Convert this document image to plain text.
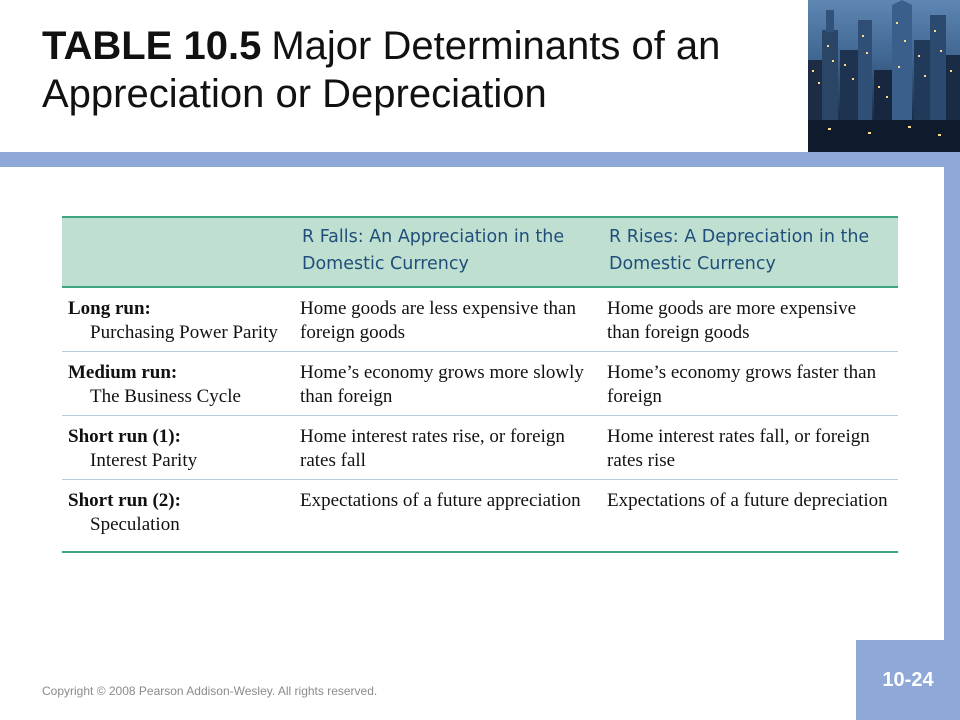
TABLE 10.5 Major Determinants of an Appreciation or Depreciation
	R Falls: An Appreciation in the Domestic Currency	R Rises: A Depreciation in the Domestic Currency

Long run:
Purchasing Power Parity	Home goods are less expensive than foreign goods	Home goods are more expensive than foreign goods

Medium run:
The Business Cycle	Home’s economy grows more slowly than foreign	Home’s economy grows faster than foreign

Short run (1):
Interest Parity	Home interest rates rise, or foreign rates fall	Home interest rates fall, or foreign rates rise

Short run (2):
Speculation	Expectations of a future appreciation	Expectations of a future depreciation
Copyright © 2008 Pearson Addison-Wesley. All rights reserved.
10-24
